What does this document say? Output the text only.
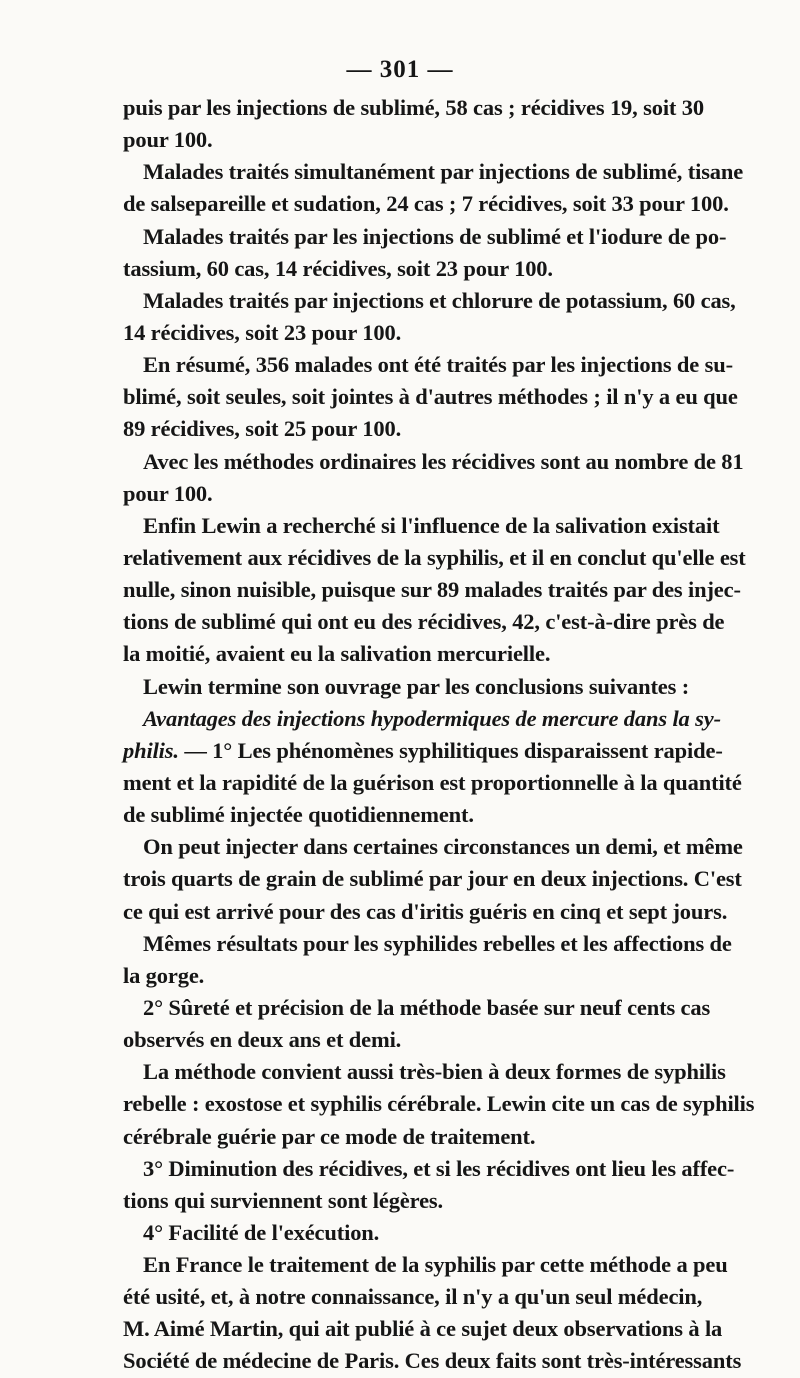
— 301 —
puis par les injections de sublimé, 58 cas ; récidives 19, soit 30
pour 100.
Malades traités simultanément par injections de sublimé, tisane
de salsepareille et sudation, 24 cas ; 7 récidives, soit 33 pour 100.
Malades traités par les injections de sublimé et l'iodure de po-
tassium, 60 cas, 14 récidives, soit 23 pour 100.
Malades traités par injections et chlorure de potassium, 60 cas,
14 récidives, soit 23 pour 100.
En résumé, 356 malades ont été traités par les injections de su-
blimé, soit seules, soit jointes à d'autres méthodes ; il n'y a eu que
89 récidives, soit 25 pour 100.
Avec les méthodes ordinaires les récidives sont au nombre de 81
pour 100.
Enfin Lewin a recherché si l'influence de la salivation existait
relativement aux récidives de la syphilis, et il en conclut qu'elle est
nulle, sinon nuisible, puisque sur 89 malades traités par des injec-
tions de sublimé qui ont eu des récidives, 42, c'est-à-dire près de
la moitié, avaient eu la salivation mercurielle.
Lewin termine son ouvrage par les conclusions suivantes :
Avantages des injections hypodermiques de mercure dans la sy-
philis. — 1° Les phénomènes syphilitiques disparaissent rapide-
ment et la rapidité de la guérison est proportionnelle à la quantité
de sublimé injectée quotidiennement.
On peut injecter dans certaines circonstances un demi, et même
trois quarts de grain de sublimé par jour en deux injections. C'est
ce qui est arrivé pour des cas d'iritis guéris en cinq et sept jours.
Mêmes résultats pour les syphilides rebelles et les affections de
la gorge.
2° Sûreté et précision de la méthode basée sur neuf cents cas
observés en deux ans et demi.
La méthode convient aussi très-bien à deux formes de syphilis
rebelle : exostose et syphilis cérébrale. Lewin cite un cas de syphilis
cérébrale guérie par ce mode de traitement.
3° Diminution des récidives, et si les récidives ont lieu les affec-
tions qui surviennent sont légères.
4° Facilité de l'exécution.
En France le traitement de la syphilis par cette méthode a peu
été usité, et, à notre connaissance, il n'y a qu'un seul médecin,
M. Aimé Martin, qui ait publié à ce sujet deux observations à la
Société de médecine de Paris. Ces deux faits sont très-intéressants
